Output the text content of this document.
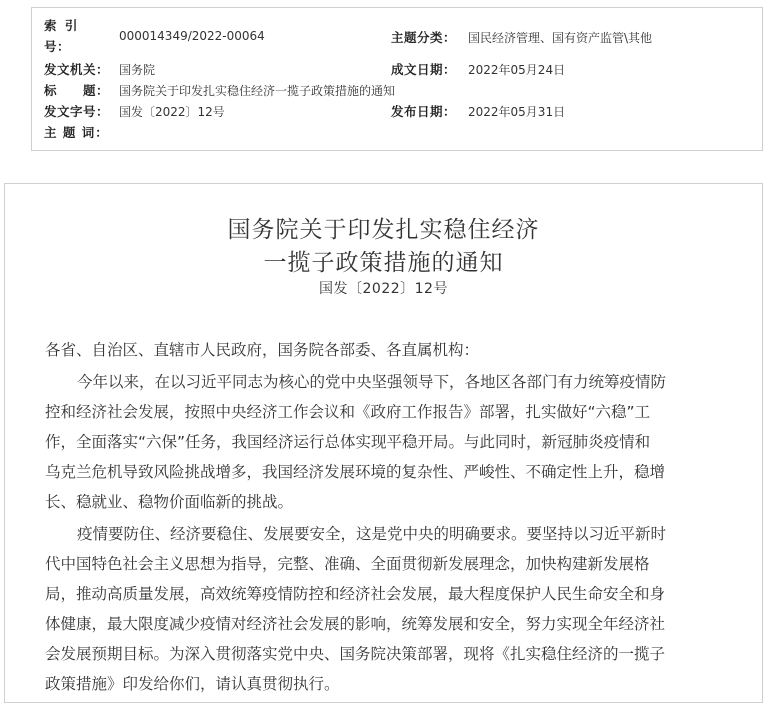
索 引
号：
000014349/2022-00064	主题分类： 国民经济管理、国有资产监管\其他
发文机关： 国务院	成文日期： 2022年05月24日
标　　题： 国务院关于印发扎实稳住经济一揽子政策措施的通知
发文字号： 国发〔2022〕12号	发布日期： 2022年05月31日
主 题 词：
国务院关于印发扎实稳住经济
一揽子政策措施的通知
国发〔2022〕12号
各省、自治区、直辖市人民政府，国务院各部委、各直属机构：
今年以来，在以习近平同志为核心的党中央坚强领导下，各地区各部门有力统筹疫情防
控和经济社会发展，按照中央经济工作会议和《政府工作报告》部署，扎实做好“六稳”工
作，全面落实“六保”任务，我国经济运行总体实现平稳开局。与此同时，新冠肺炎疫情和
乌克兰危机导致风险挑战增多，我国经济发展环境的复杂性、严峻性、不确定性上升，稳增
长、稳就业、稳物价面临新的挑战。
疫情要防住、经济要稳住、发展要安全，这是党中央的明确要求。要坚持以习近平新时
代中国特色社会主义思想为指导，完整、准确、全面贯彻新发展理念，加快构建新发展格
局，推动高质量发展，高效统筹疫情防控和经济社会发展，最大程度保护人民生命安全和身
体健康，最大限度减少疫情对经济社会发展的影响，统筹发展和安全，努力实现全年经济社
会发展预期目标。为深入贯彻落实党中央、国务院决策部署，现将《扎实稳住经济的一揽子
政策措施》印发给你们，请认真贯彻执行。
